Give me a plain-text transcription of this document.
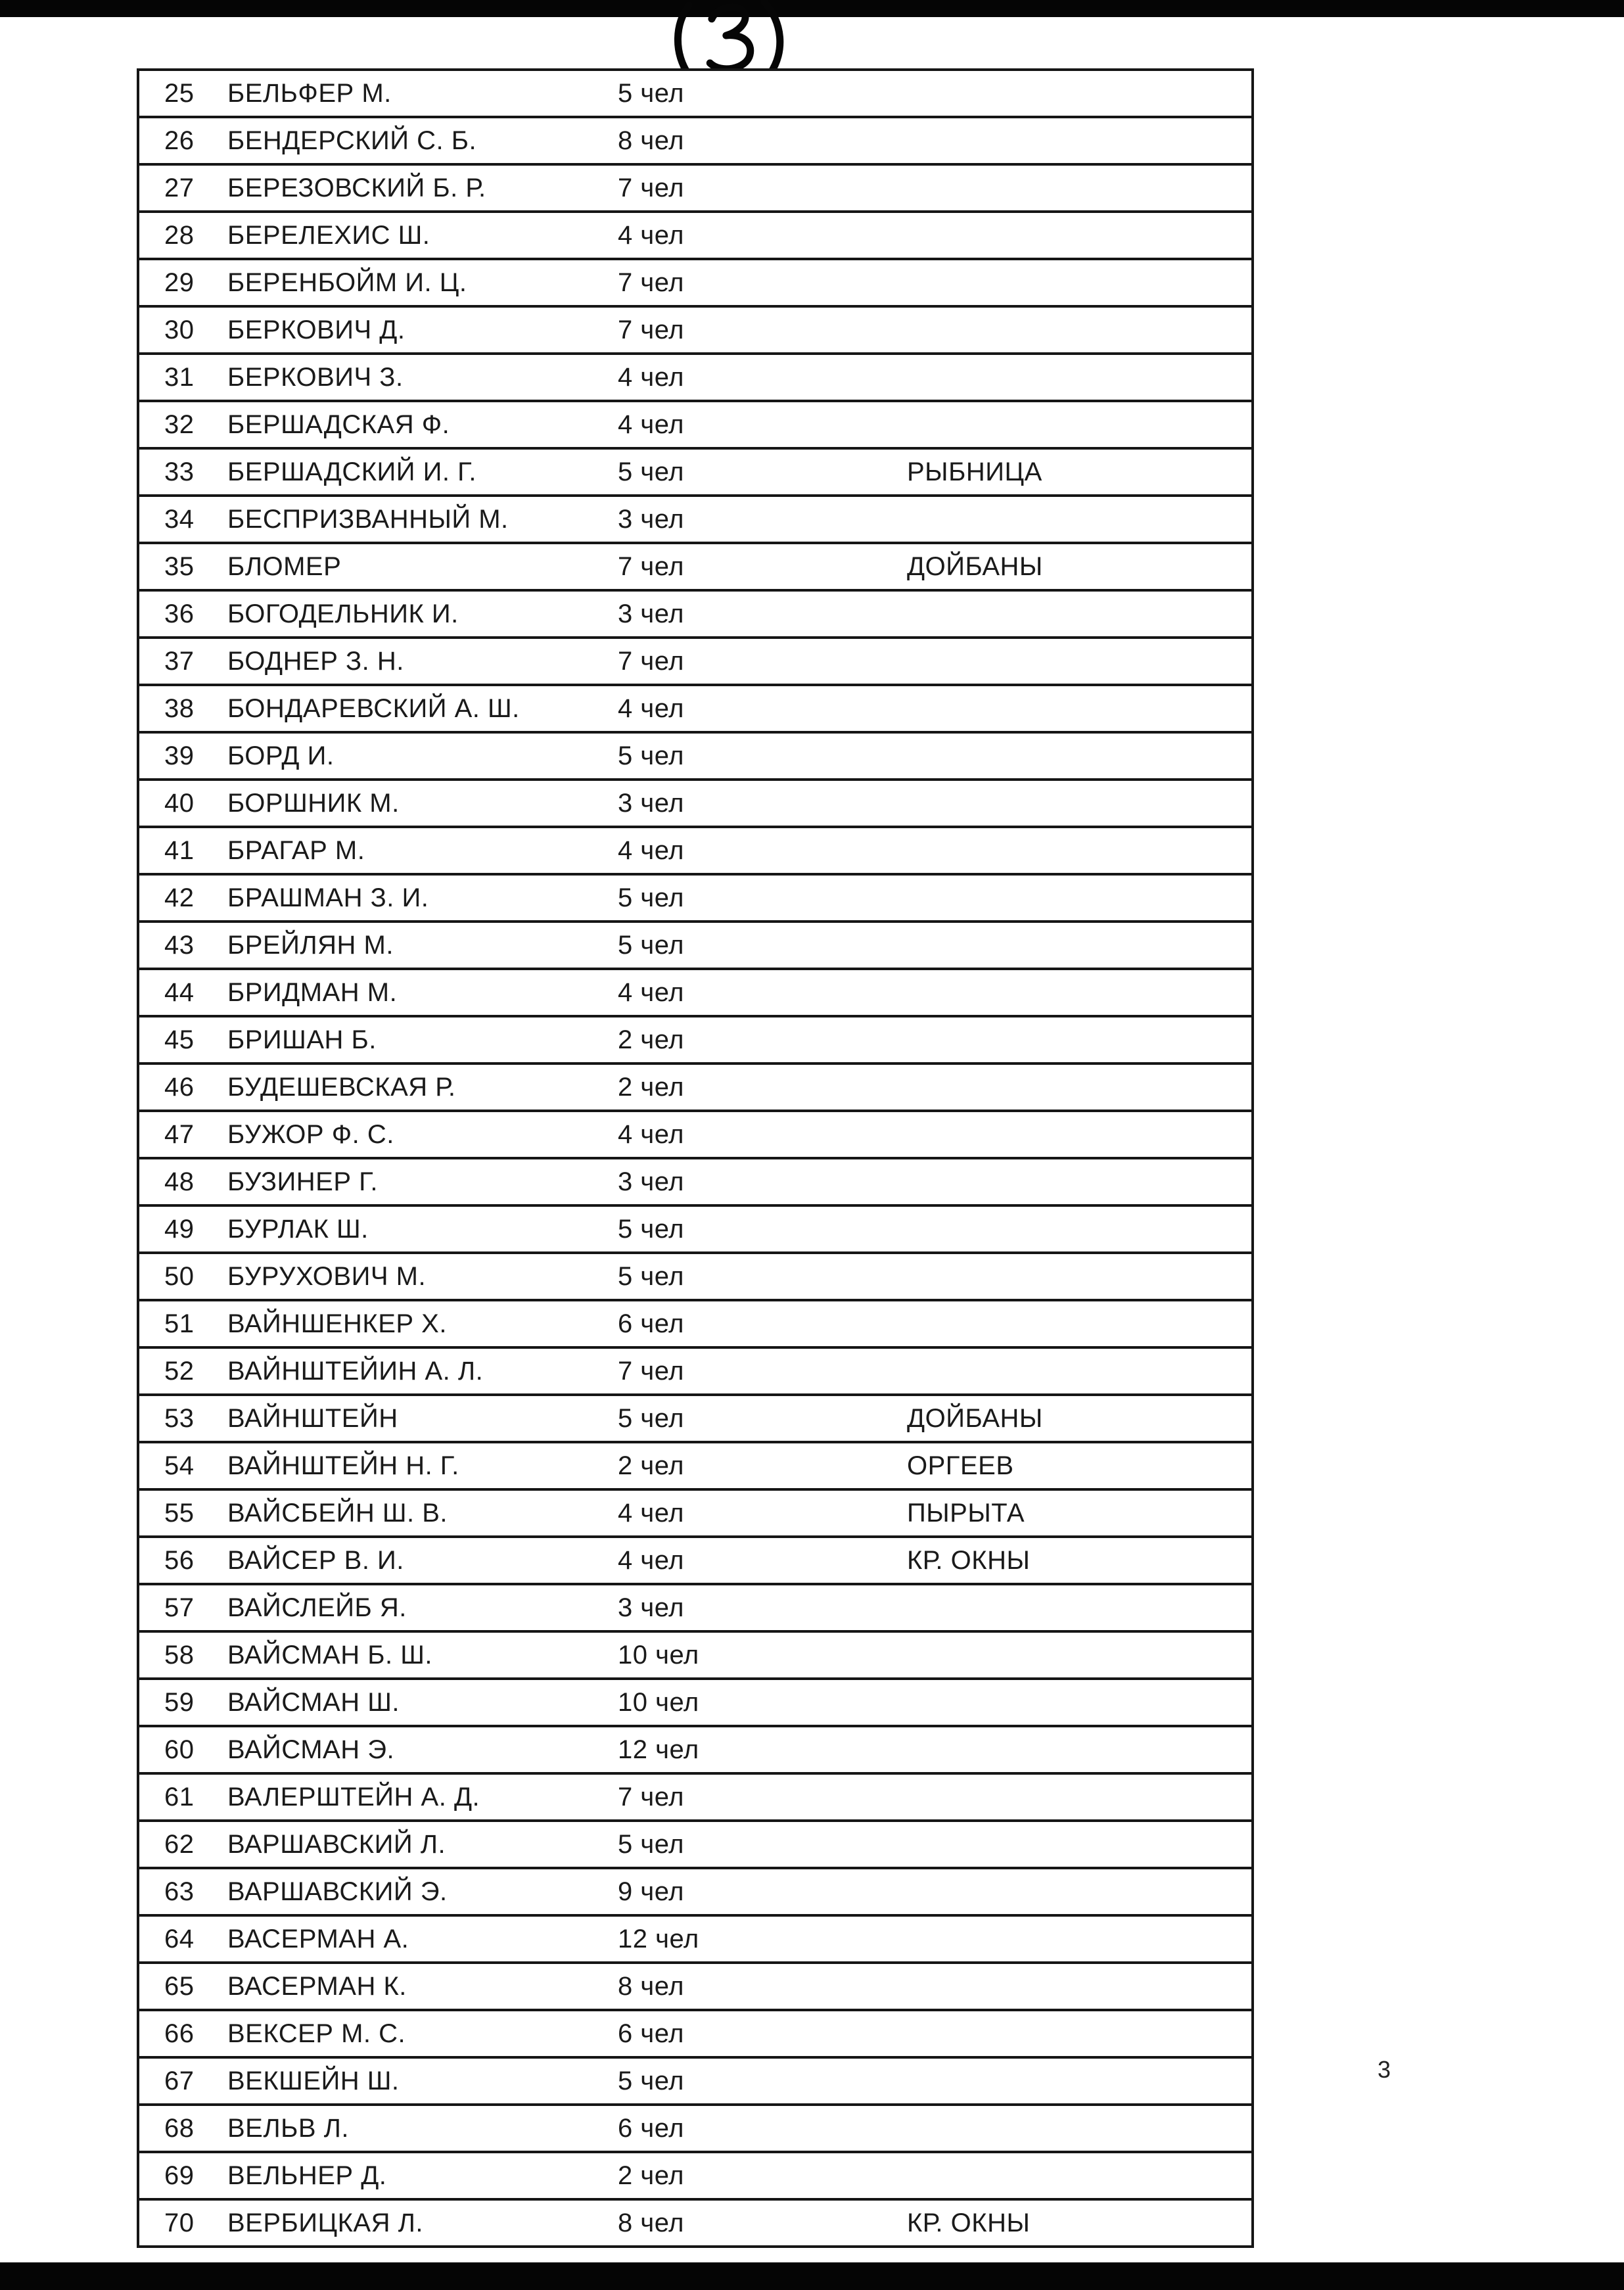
25	БЕЛЬФЕР М.	5 чел
26	БЕНДЕРСКИЙ С. Б.	8 чел
27	БЕРЕЗОВСКИЙ Б. Р.	7 чел
28	БЕРЕЛЕХИС Ш.	4 чел
29	БЕРЕНБОЙМ И. Ц.	7 чел
30	БЕРКОВИЧ Д.	7 чел
31	БЕРКОВИЧ З.	4 чел
32	БЕРШАДСКАЯ Ф.	4 чел
33	БЕРШАДСКИЙ И. Г.	5 чел	РЫБНИЦА
34	БЕСПРИЗВАННЫЙ М.	3 чел
35	БЛОМЕР	7 чел	ДОЙБАНЫ
36	БОГОДЕЛЬНИК И.	3 чел
37	БОДНЕР З. Н.	7 чел
38	БОНДАРЕВСКИЙ А. Ш.	4 чел
39	БОРД И.	5 чел
40	БОРШНИК М.	3 чел
41	БРАГАР М.	4 чел
42	БРАШМАН З. И.	5 чел
43	БРЕЙЛЯН М.	5 чел
44	БРИДМАН М.	4 чел
45	БРИШАН Б.	2 чел
46	БУДЕШЕВСКАЯ Р.	2 чел
47	БУЖОР Ф. С.	4 чел
48	БУЗИНЕР Г.	3 чел
49	БУРЛАК Ш.	5 чел
50	БУРУХОВИЧ М.	5 чел
51	ВАЙНШЕНКЕР Х.	6 чел
52	ВАЙНШТЕЙИН А. Л.	7 чел
53	ВАЙНШТЕЙН	5 чел	ДОЙБАНЫ
54	ВАЙНШТЕЙН Н. Г.	2 чел	ОРГЕЕВ
55	ВАЙСБЕЙН Ш. В.	4 чел	ПЫРЫТА
56	ВАЙСЕР В. И.	4 чел	КР. ОКНЫ
57	ВАЙСЛЕЙБ Я.	3 чел
58	ВАЙСМАН Б. Ш.	10 чел
59	ВАЙСМАН Ш.	10 чел
60	ВАЙСМАН Э.	12 чел
61	ВАЛЕРШТЕЙН А. Д.	7 чел
62	ВАРШАВСКИЙ Л.	5 чел
63	ВАРШАВСКИЙ Э.	9 чел
64	ВАСЕРМАН А.	12 чел
65	ВАСЕРМАН К.	8 чел
66	ВЕКСЕР М. С.	6 чел
67	ВЕКШЕЙН Ш.	5 чел
68	ВЕЛЬВ Л.	6 чел
69	ВЕЛЬНЕР Д.	2 чел
70	ВЕРБИЦКАЯ Л.	8 чел	КР. ОКНЫ
3
